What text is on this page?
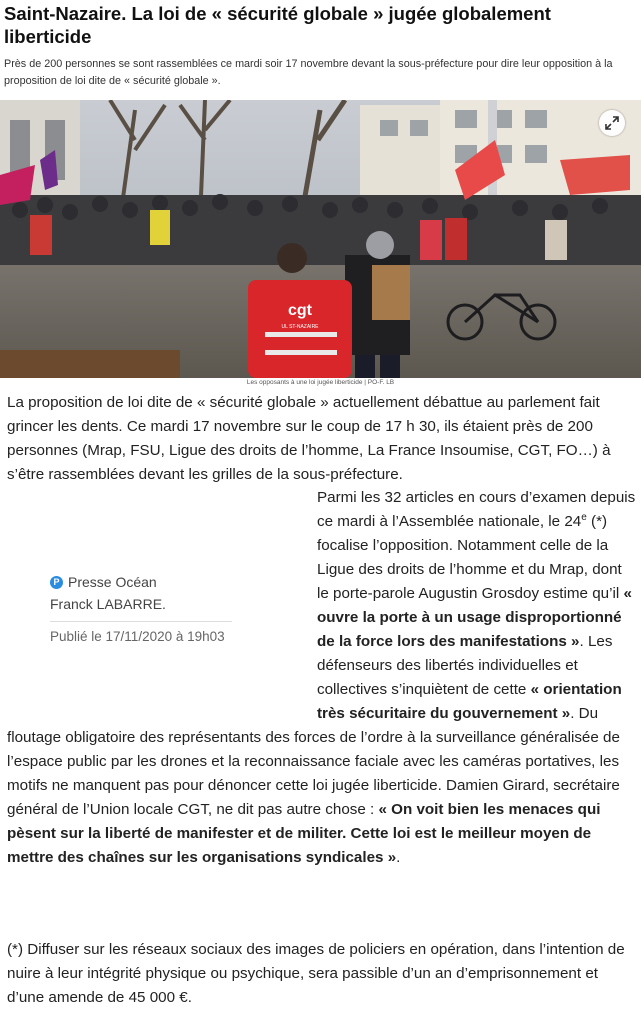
Saint-Nazaire. La loi de « sécurité globale » jugée globalement liberticide

Près de 200 personnes se sont rassemblées ce mardi soir 17 novembre devant la sous-préfecture pour dire leur opposition à la proposition de loi dite de « sécurité globale ».

cgt
UL ST-NAZAIRE
Les opposants à une loi jugée liberticide | PO-F. LB

La proposition de loi dite de « sécurité globale » actuellement débattue au parlement fait grincer les dents. Ce mardi 17 novembre sur le coup de 17 h 30, ils étaient près de 200 personnes (Mrap, FSU, Ligue des droits de l’homme, La France Insoumise, CGT, FO…) à s’être rassemblées devant les grilles de la sous-préfecture.

P Presse Océan
Franck LABARRE.
Publié le 17/11/2020 à 19h03

Parmi les 32 articles en cours d’examen depuis ce mardi à l’Assemblée nationale, le 24e (*) focalise l’opposition. Notamment celle de la Ligue des droits de l’homme et du Mrap, dont le porte-parole Augustin Grosdoy estime qu’il « ouvre la porte à un usage disproportionné de la force lors des manifestations ». Les défenseurs des libertés individuelles et collectives s’inquiètent de cette « orientation très sécuritaire du gouvernement ». Du

floutage obligatoire des représentants des forces de l’ordre à la surveillance généralisée de l’espace public par les drones et la reconnaissance faciale avec les caméras portatives, les motifs ne manquent pas pour dénoncer cette loi jugée liberticide. Damien Girard, secrétaire général de l’Union locale CGT, ne dit pas autre chose : « On voit bien les menaces qui pèsent sur la liberté de manifester et de militer. Cette loi est le meilleur moyen de mettre des chaînes sur les organisations syndicales ».

(*) Diffuser sur les réseaux sociaux des images de policiers en opération, dans l’intention de nuire à leur intégrité physique ou psychique, sera passible d’un an d’emprisonnement et d’une amende de 45 000 €.
